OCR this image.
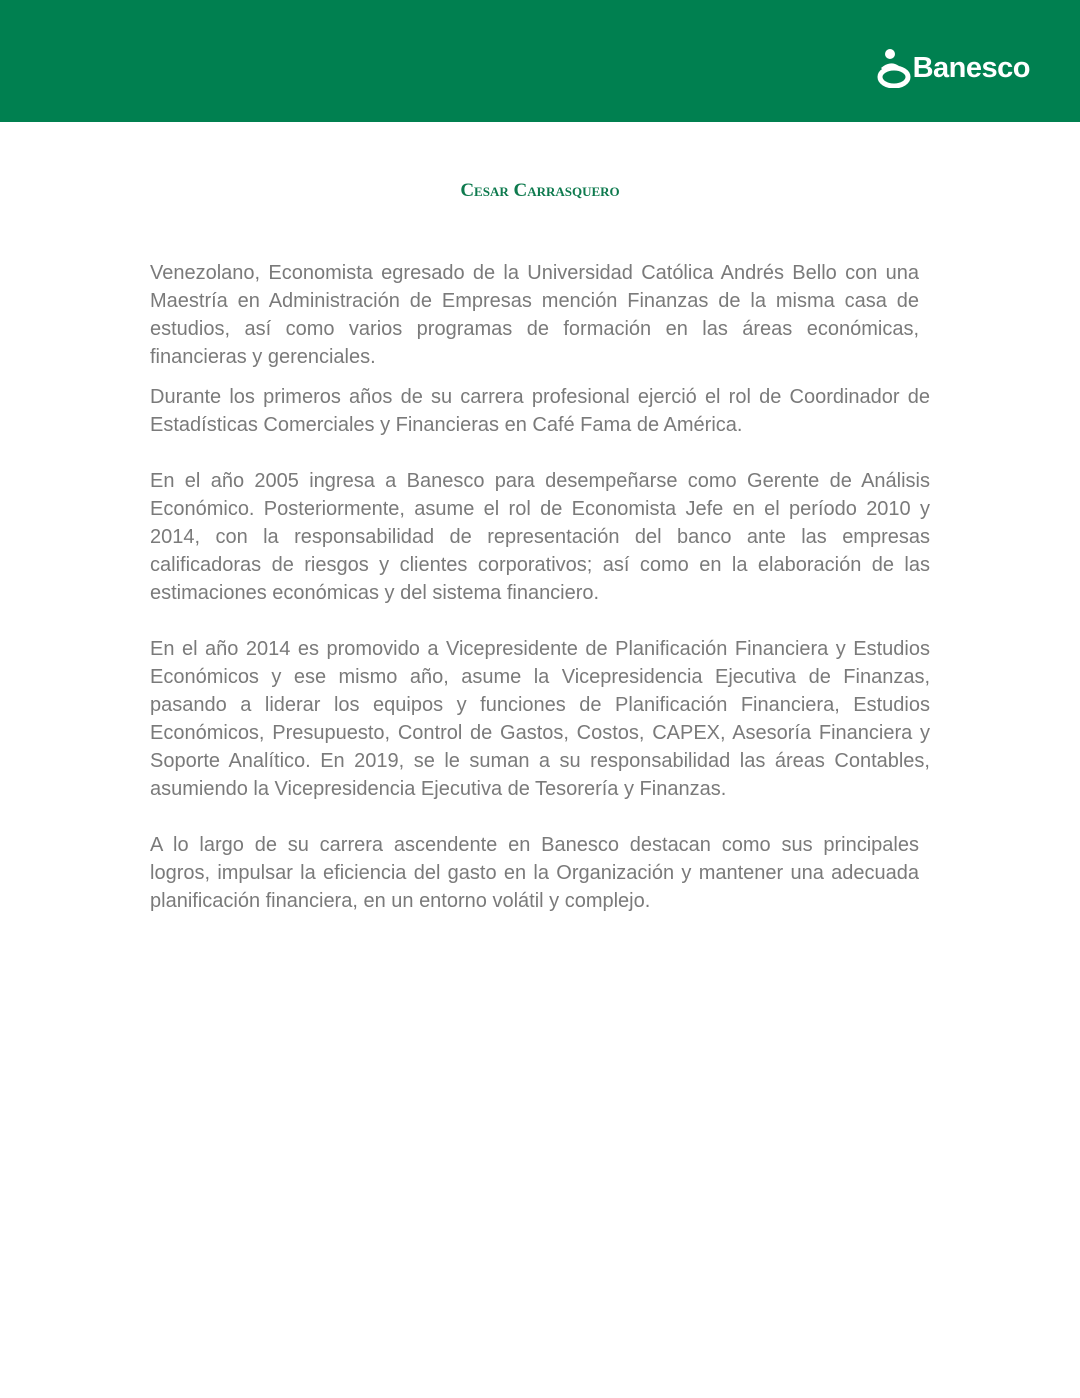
Banesco
Cesar Carrasquero

Venezolano, Economista egresado de la Universidad Católica Andrés Bello con una Maestría en Administración de Empresas mención Finanzas de la misma casa de estudios, así como varios programas de formación en las áreas económicas, financieras y gerenciales.

Durante los primeros años de su carrera profesional ejerció el rol de Coordinador de Estadísticas Comerciales y Financieras en Café Fama de América.

En el año 2005 ingresa a Banesco para desempeñarse como Gerente de Análisis Económico. Posteriormente, asume el rol de Economista Jefe en el período 2010 y 2014, con la responsabilidad de representación del banco ante las empresas calificadoras de riesgos y clientes corporativos; así como en la elaboración de las estimaciones económicas y del sistema financiero.

En el año 2014 es promovido a Vicepresidente de Planificación Financiera y Estudios Económicos y ese mismo año, asume la Vicepresidencia Ejecutiva de Finanzas, pasando a liderar los equipos y funciones de Planificación Financiera, Estudios Económicos, Presupuesto, Control de Gastos, Costos, CAPEX, Asesoría Financiera y Soporte Analítico. En 2019, se le suman a su responsabilidad las áreas Contables, asumiendo la Vicepresidencia Ejecutiva de Tesorería y Finanzas.

A lo largo de su carrera ascendente en Banesco destacan como sus principales logros, impulsar la eficiencia del gasto en la Organización y mantener una adecuada planificación financiera, en un entorno volátil y complejo.
